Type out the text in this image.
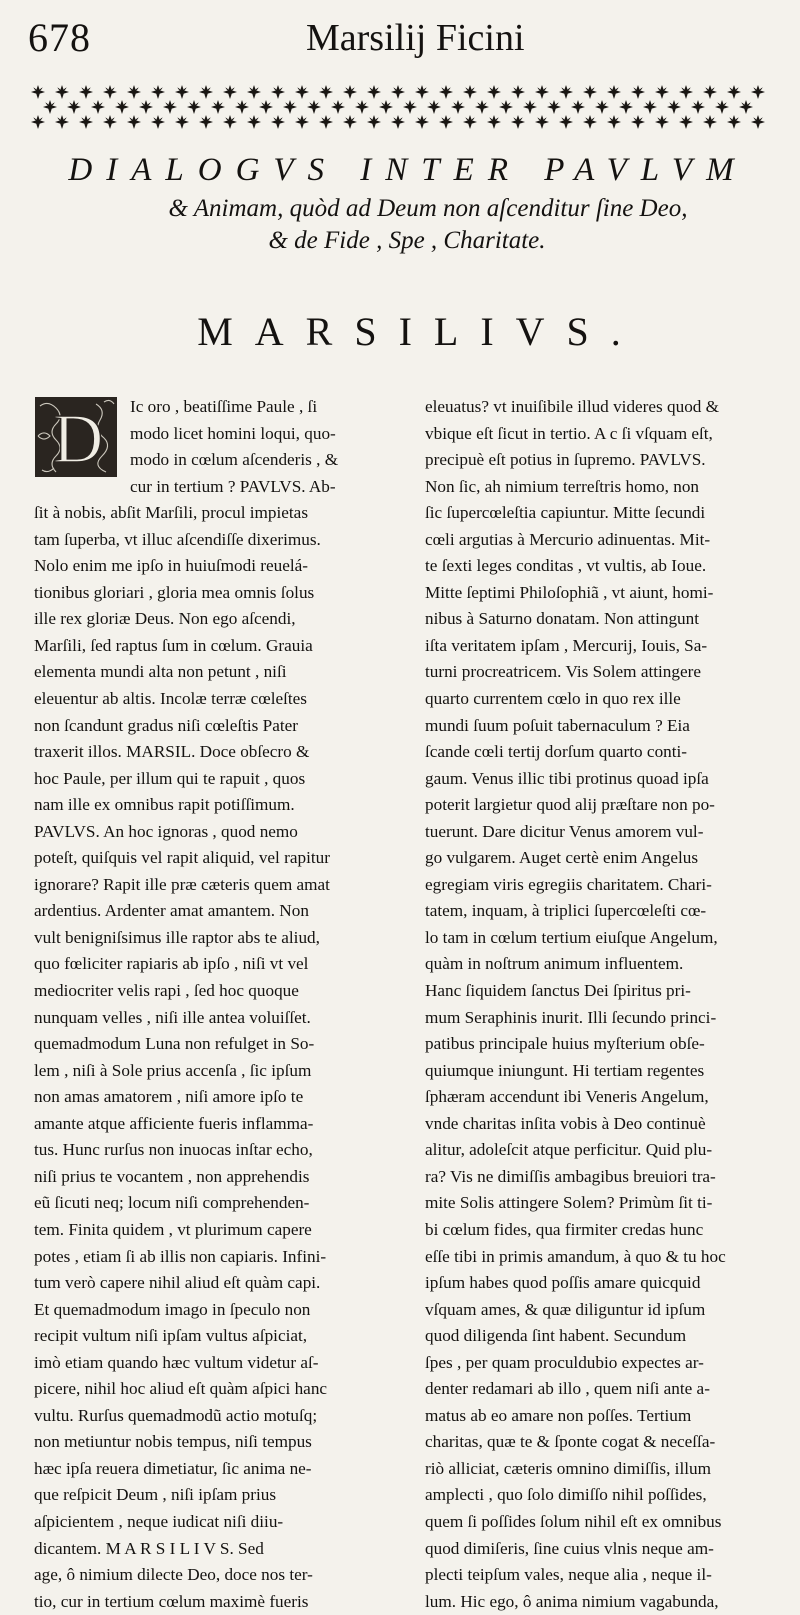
678	Marsilij Ficini
DIALOGVS INTER PAVLVM
& Animam, quòd ad Deum non aſcenditur ſine Deo,
& de Fide , Spe , Charitate.
MARSILIVS.
D	Ic oro , beatiſſime Paule , ſi
modo licet homini loqui, quo-
modo in cœlum aſcenderis , &
cur in tertium ? PAVLVS. Ab-
ſit à nobis, abſit Marſili, procul impietas
tam ſuperba, vt illuc aſcendiſſe dixerimus.
Nolo enim me ipſo in huiuſmodi reuelá-
tionibus gloriari , gloria mea omnis ſolus
ille rex gloriæ Deus. Non ego aſcendi,
Marſili, ſed raptus ſum in cœlum. Grauia
elementa mundi alta non petunt , niſi
eleuentur ab altis. Incolæ terræ cœleſtes
non ſcandunt gradus niſi cœleſtis Pater
traxerit illos. MARSIL. Doce obſecro &
hoc Paule, per illum qui te rapuit , quos
nam ille ex omnibus rapit potiſſimum.
PAVLVS. An hoc ignoras , quod nemo
poteſt, quiſquis vel rapit aliquid, vel rapitur
ignorare? Rapit ille præ cæteris quem amat
ardentius. Ardenter amat amantem. Non
vult benigniſsimus ille raptor abs te aliud,
quo fœliciter rapiaris ab ipſo , niſi vt vel
mediocriter velis rapi , ſed hoc quoque
nunquam velles , niſi ille antea voluiſſet.
quemadmodum Luna non refulget in So-
lem , niſi à Sole prius accenſa , ſic ipſum
non amas amatorem , niſi amore ipſo te
amante atque afficiente fueris inflamma-
tus. Hunc rurſus non inuocas inſtar echo,
niſi prius te vocantem , non apprehendis
eũ ſicuti neq; locum niſi comprehenden-
tem. Finita quidem , vt plurimum capere
potes , etiam ſi ab illis non capiaris. Infini-
tum verò capere nihil aliud eſt quàm capi.
Et quemadmodum imago in ſpeculo non
recipit vultum niſi ipſam vultus aſpiciat,
imò etiam quando hæc vultum videtur aſ-
picere, nihil hoc aliud eſt quàm aſpici hanc
vultu. Rurſus quemadmodũ actio motuſq;
non metiuntur nobis tempus, niſi tempus
hæc ipſa reuera dimetiatur, ſic anima ne-
que reſpicit Deum , niſi ipſam prius
aſpicientem , neque iudicat niſi diiu-
dicantem. M A R S I L I V S. Sed
age, ô nimium dilecte Deo, doce nos ter-
tio, cur in tertium cœlum maximè fueris
eleuatus? vt inuiſibile illud videres quod &
vbique eſt ſicut in tertio. A c ſi vſquam eſt,
precipuè eſt potius in ſupremo. PAVLVS.
Non ſic, ah nimium terreſtris homo, non
ſic ſupercœleſtia capiuntur. Mitte ſecundi
cœli argutias à Mercurio adinuentas. Mit-
te ſexti leges conditas , vt vultis, ab Ioue.
Mitte ſeptimi Philoſophiã , vt aiunt, homi-
nibus à Saturno donatam. Non attingunt
iſta veritatem ipſam , Mercurij, Iouis, Sa-
turni procreatricem. Vis Solem attingere
quarto currentem cœlo in quo rex ille
mundi ſuum poſuit tabernaculum ? Eia
ſcande cœli tertij dorſum quarto conti-
gaum. Venus illic tibi protinus quoad ipſa
poterit largietur quod alij præſtare non po-
tuerunt. Dare dicitur Venus amorem vul-
go vulgarem. Auget certè enim Angelus
egregiam viris egregiis charitatem. Chari-
tatem, inquam, à triplici ſupercœleſti cœ-
lo tam in cœlum tertium eiuſque Angelum,
quàm in noſtrum animum influentem.
Hanc ſiquidem ſanctus Dei ſpiritus pri-
mum Seraphinis inurit. Illi ſecundo princi-
patibus principale huius myſterium obſe-
quiumque iniungunt. Hi tertiam regentes
ſphæram accendunt ibi Veneris Angelum,
vnde charitas inſita vobis à Deo continuè
alitur, adoleſcit atque perficitur. Quid plu-
ra? Vis ne dimiſſis ambagibus breuiori tra-
mite Solis attingere Solem? Primùm ſit ti-
bi cœlum fides, qua firmiter credas hunc
eſſe tibi in primis amandum, à quo & tu hoc
ipſum habes quod poſſis amare quicquid
vſquam ames, & quæ diliguntur id ipſum
quod diligenda ſint habent. Secundum
ſpes , per quam proculdubio expectes ar-
denter redamari ab illo , quem niſi ante a-
matus ab eo amare non poſſes. Tertium
charitas, quæ te & ſponte cogat & neceſſa-
riò alliciat, cæteris omnino dimiſſis, illum
amplecti , quo ſolo dimiſſo nihil poſſides,
quem ſi poſſides ſolum nihil eſt ex omnibus
quod dimiſeris, ſine cuius vlnis neque am-
plecti teipſum vales, neque alia , neque il-
lum. Hic ego, ô anima nimium vagabunda,
